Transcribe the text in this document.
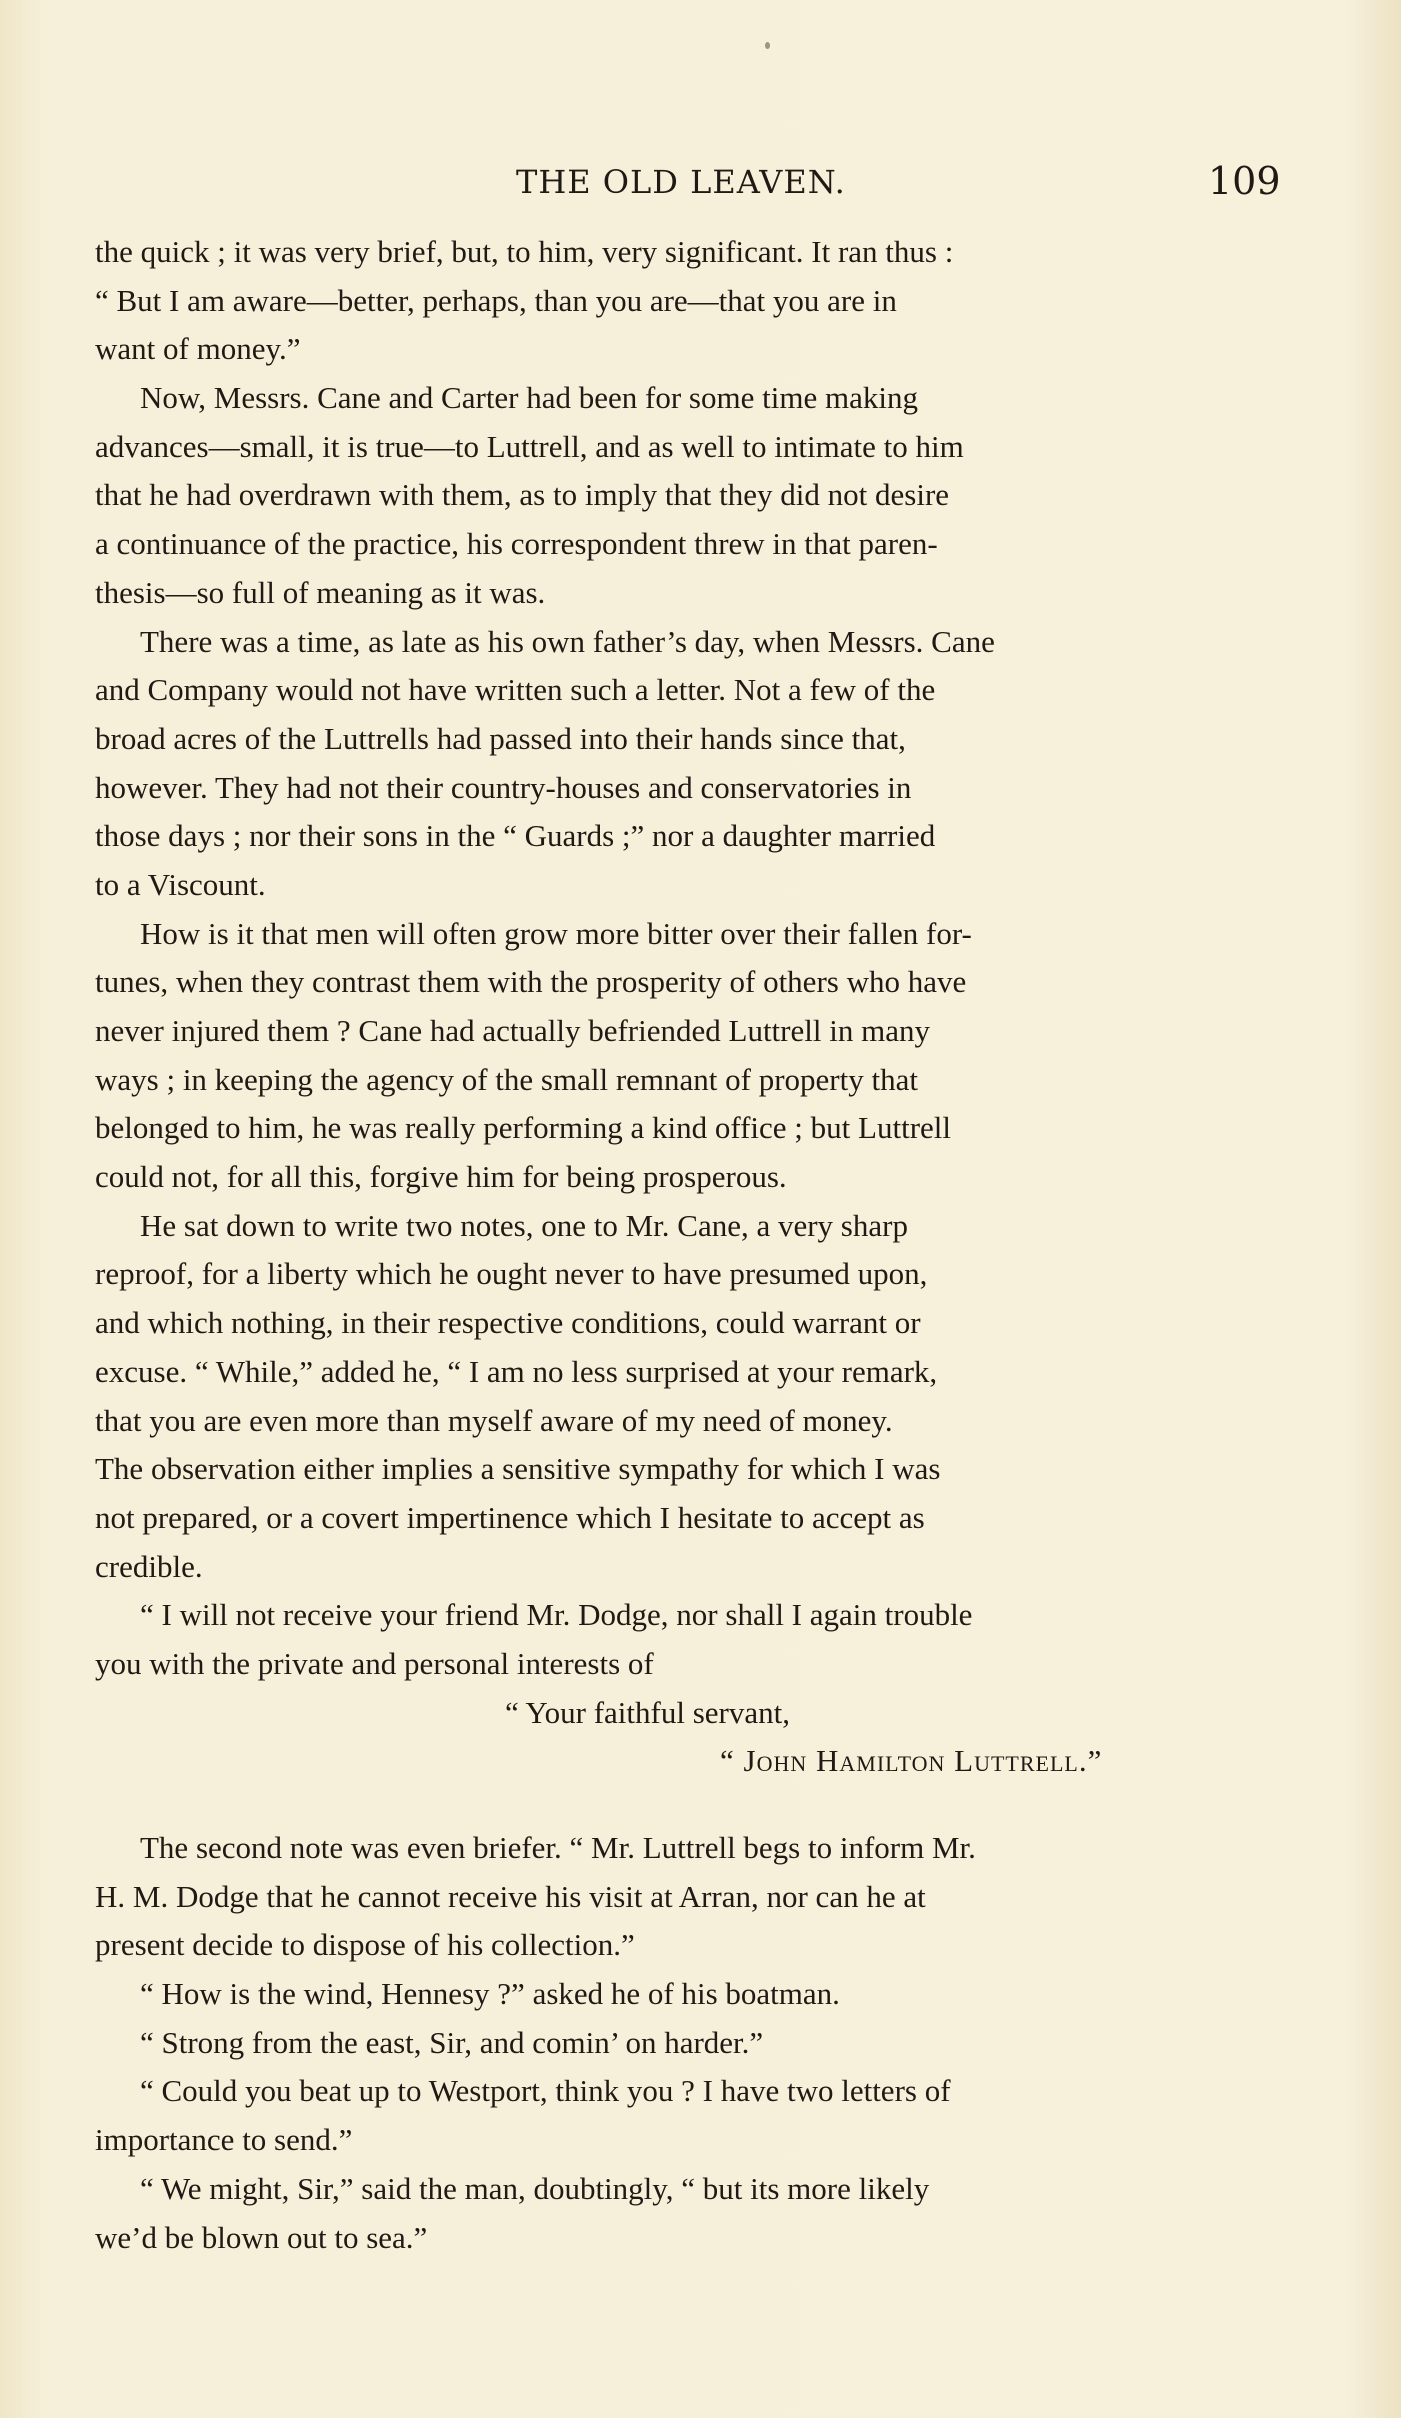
THE OLD LEAVEN.	109
the quick ; it was very brief, but, to him, very significant. It ran thus :
“ But I am aware—better, perhaps, than you are—that you are in
want of money.”
Now, Messrs. Cane and Carter had been for some time making
advances—small, it is true—to Luttrell, and as well to intimate to him
that he had overdrawn with them, as to imply that they did not desire
a continuance of the practice, his correspondent threw in that paren-
thesis—so full of meaning as it was.
There was a time, as late as his own father’s day, when Messrs. Cane
and Company would not have written such a letter. Not a few of the
broad acres of the Luttrells had passed into their hands since that,
however. They had not their country-houses and conservatories in
those days ; nor their sons in the “ Guards ;” nor a daughter married
to a Viscount.
How is it that men will often grow more bitter over their fallen for-
tunes, when they contrast them with the prosperity of others who have
never injured them ? Cane had actually befriended Luttrell in many
ways ; in keeping the agency of the small remnant of property that
belonged to him, he was really performing a kind office ; but Luttrell
could not, for all this, forgive him for being prosperous.
He sat down to write two notes, one to Mr. Cane, a very sharp
reproof, for a liberty which he ought never to have presumed upon,
and which nothing, in their respective conditions, could warrant or
excuse. “ While,” added he, “ I am no less surprised at your remark,
that you are even more than myself aware of my need of money.
The observation either implies a sensitive sympathy for which I was
not prepared, or a covert impertinence which I hesitate to accept as
credible.
“ I will not receive your friend Mr. Dodge, nor shall I again trouble
you with the private and personal interests of
“ Your faithful servant,
“ John Hamilton Luttrell.”
The second note was even briefer. “ Mr. Luttrell begs to inform Mr.
H. M. Dodge that he cannot receive his visit at Arran, nor can he at
present decide to dispose of his collection.”
“ How is the wind, Hennesy ?” asked he of his boatman.
“ Strong from the east, Sir, and comin’ on harder.”
“ Could you beat up to Westport, think you ? I have two letters of
importance to send.”
“ We might, Sir,” said the man, doubtingly, “ but its more likely
we’d be blown out to sea.”
